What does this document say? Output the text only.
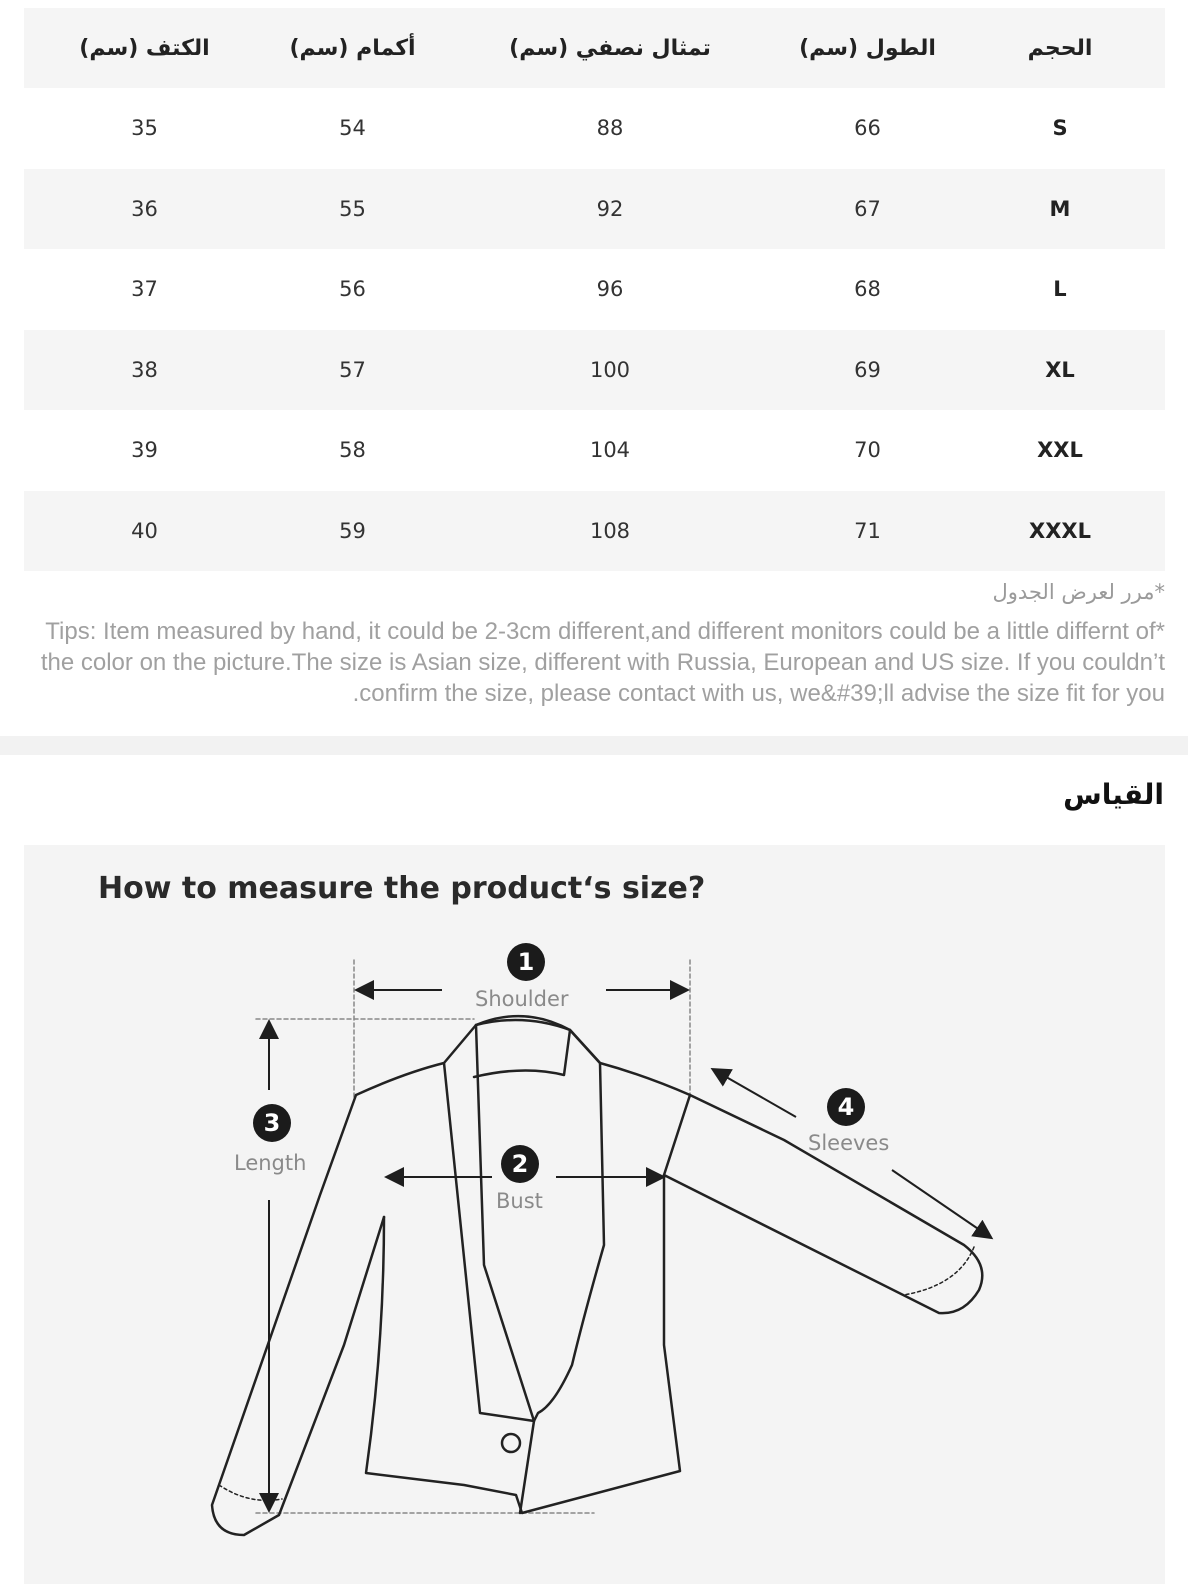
الحجم	الطول (سم)	تمثال نصفي (سم)	أكمام (سم)	الكتف (سم)
S	66	88	54	35
M	67	92	55	36
L	68	96	56	37
XL	69	100	57	38
XXL	70	104	58	39
XXXL	71	108	59	40
*مرر لعرض الجدول
*Tips: Item measured by hand, it could be 2-3cm different,and different monitors could be a little differnt of the color on the picture.The size is Asian size, different with Russia, European and US size. If you couldn’t confirm the size, please contact with us, we&#39;ll advise the size fit for you.
القياس
How to measure the product‘s size?
1
Shoulder
2
Bust
3
Length
4
Sleeves
